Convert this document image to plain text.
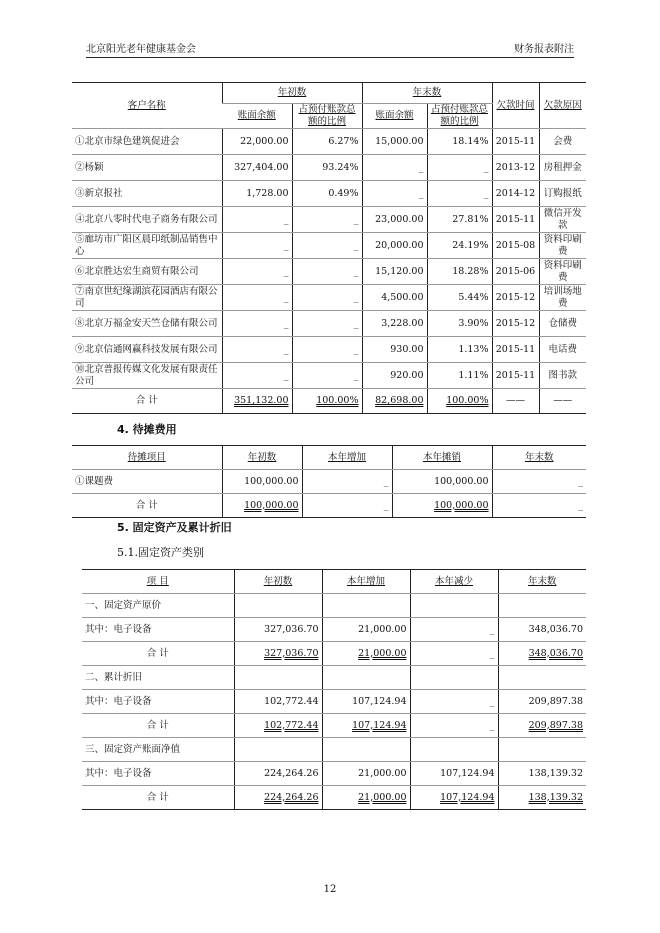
北京阳光老年健康基金会	财务报表附注
客户名称	年初数		年末数		欠款时间	欠款原因
	账面余额	占预付账款总额的比例	账面余额	占预付账款总额的比例		
①北京市绿色建筑促进会	22,000.00	6.27%	15,000.00	18.14%	2015-11	会费
②杨颖	327,404.00	93.24%	_	_	2013-12	房租押金
③新京报社	1,728.00	0.49%	_	_	2014-12	订购报纸
④北京八零时代电子商务有限公司	_	_	23,000.00	27.81%	2015-11	微信开发款
⑤廊坊市广阳区晨印纸制品销售中心	_	_	20,000.00	24.19%	2015-08	资料印刷费
⑥北京胜达宏生商贸有限公司	_	_	15,120.00	18.28%	2015-06	资料印刷费
⑦南京世纪缘湖滨花园酒店有限公司	_	_	4,500.00	5.44%	2015-12	培训场地费
⑧北京万福金安天竺仓储有限公司	_	_	3,228.00	3.90%	2015-12	仓储费
⑨北京信通网赢科技发展有限公司	_	_	930.00	1.13%	2015-11	电话费
⑩北京普报传媒文化发展有限责任公司	_	_	920.00	1.11%	2015-11	图书款
合 计	351,132.00	100.00%	82,698.00	100.00%	——	——
4. 待摊费用
待摊项目	年初数	本年增加	本年摊销	年末数
①课题费	100,000.00	_	100,000.00	_
合 计	100,000.00	_	100,000.00	_
5. 固定资产及累计折旧
5.1.固定资产类别
项 目	年初数	本年增加	本年减少	年末数
一、固定资产原价				
其中：电子设备	327,036.70	21,000.00	_	348,036.70
合 计	327,036.70	21,000.00	_	348,036.70
二、累计折旧				
其中：电子设备	102,772.44	107,124.94	_	209,897.38
合 计	102,772.44	107,124.94	_	209,897.38
三、固定资产账面净值				
其中：电子设备	224,264.26	21,000.00	107,124.94	138,139.32
合 计	224,264.26	21,000.00	107,124.94	138,139.32
12
